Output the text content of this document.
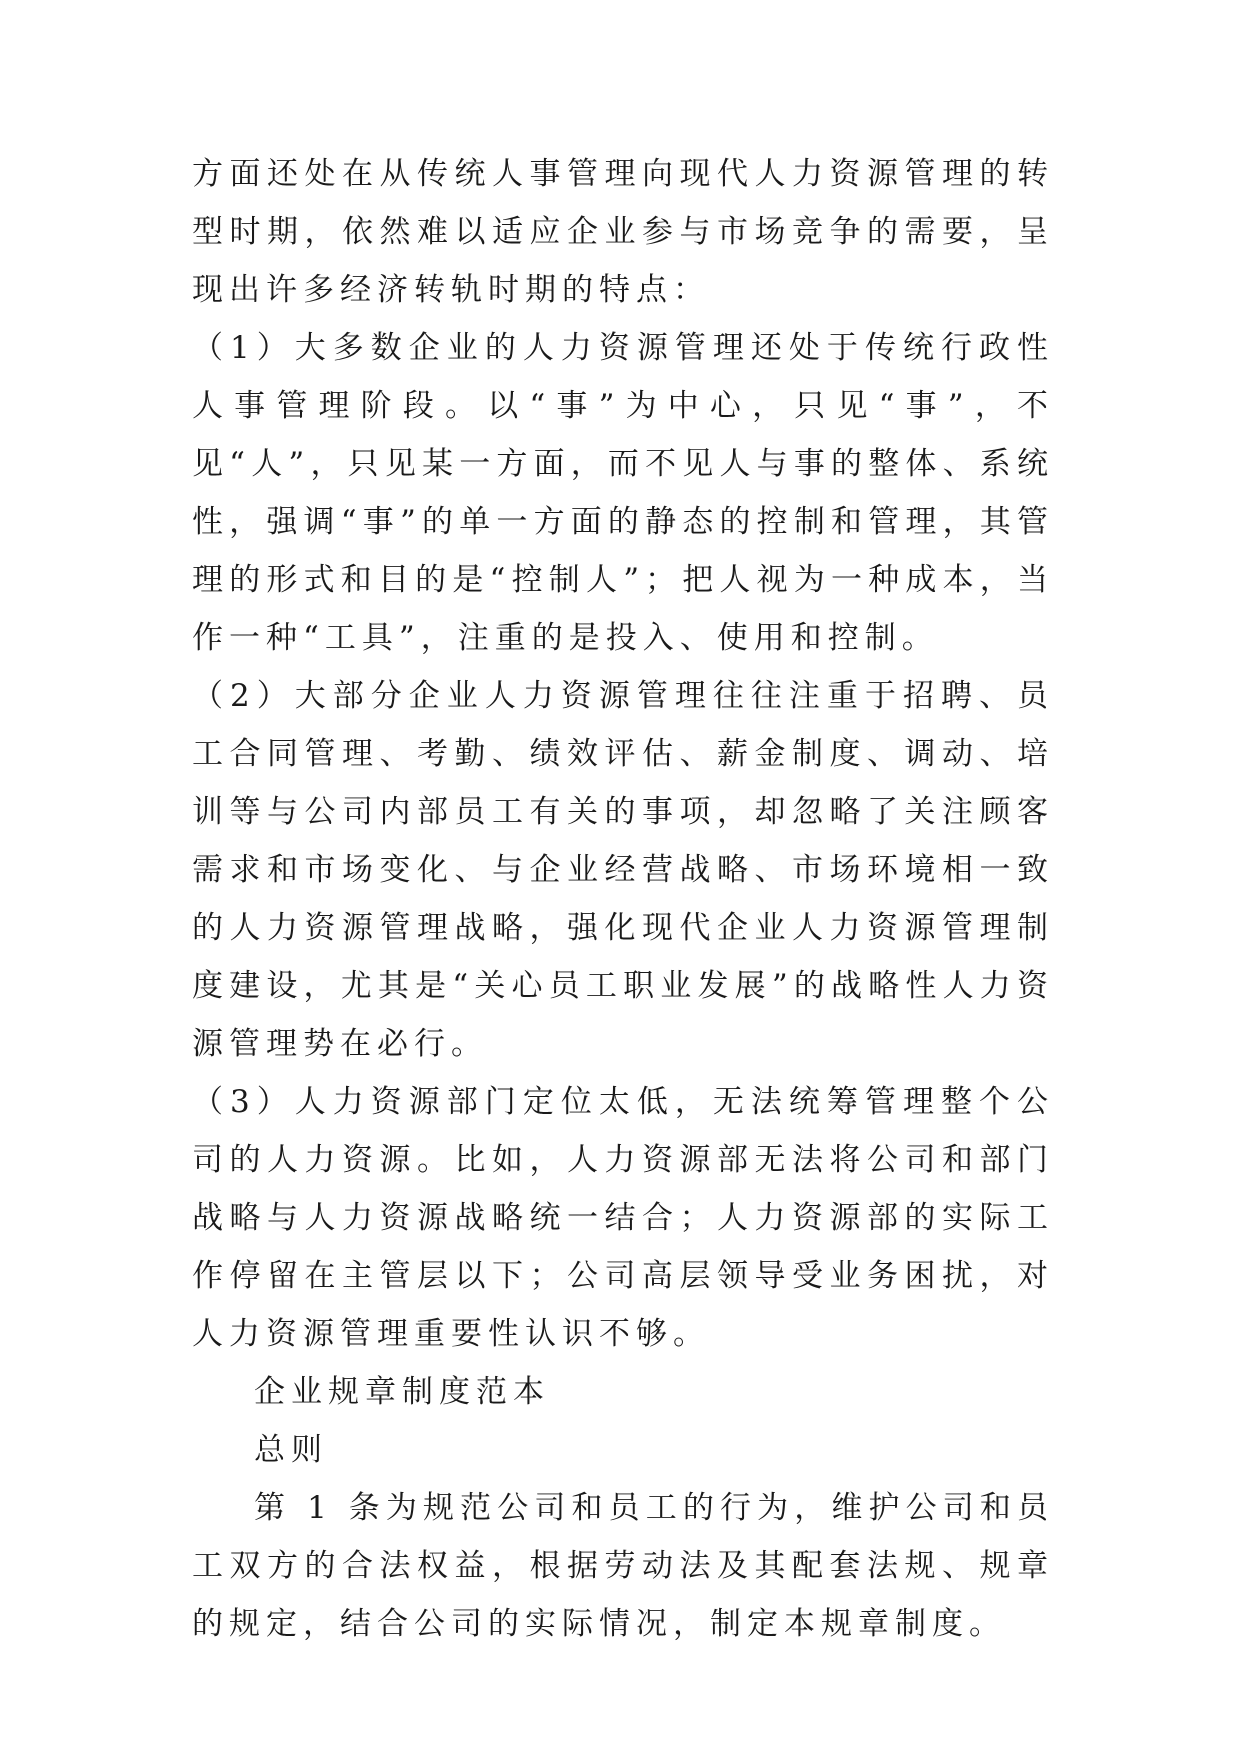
方面还处在从传统人事管理向现代人力资源管理的转型时期，依然难以适应企业参与市场竞争的需要，呈现出许多经济转轨时期的特点：

（1）大多数企业的人力资源管理还处于传统行政性人事管理阶段。以“事”为中心，只见“事”，不见“人”，只见某一方面，而不见人与事的整体、系统性，强调“事”的单一方面的静态的控制和管理，其管理的形式和目的是“控制人”；把人视为一种成本，当作一种“工具”，注重的是投入、使用和控制。

（2）大部分企业人力资源管理往往注重于招聘、员工合同管理、考勤、绩效评估、薪金制度、调动、培训等与公司内部员工有关的事项，却忽略了关注顾客需求和市场变化、与企业经营战略、市场环境相一致的人力资源管理战略，强化现代企业人力资源管理制度建设，尤其是“关心员工职业发展”的战略性人力资源管理势在必行。

（3）人力资源部门定位太低，无法统筹管理整个公司的人力资源。比如，人力资源部无法将公司和部门战略与人力资源战略统一结合；人力资源部的实际工作停留在主管层以下；公司高层领导受业务困扰，对人力资源管理重要性认识不够。

企业规章制度范本

总则

第 1 条为规范公司和员工的行为，维护公司和员工双方的合法权益，根据劳动法及其配套法规、规章的规定，结合公司的实际情况，制定本规章制度。
